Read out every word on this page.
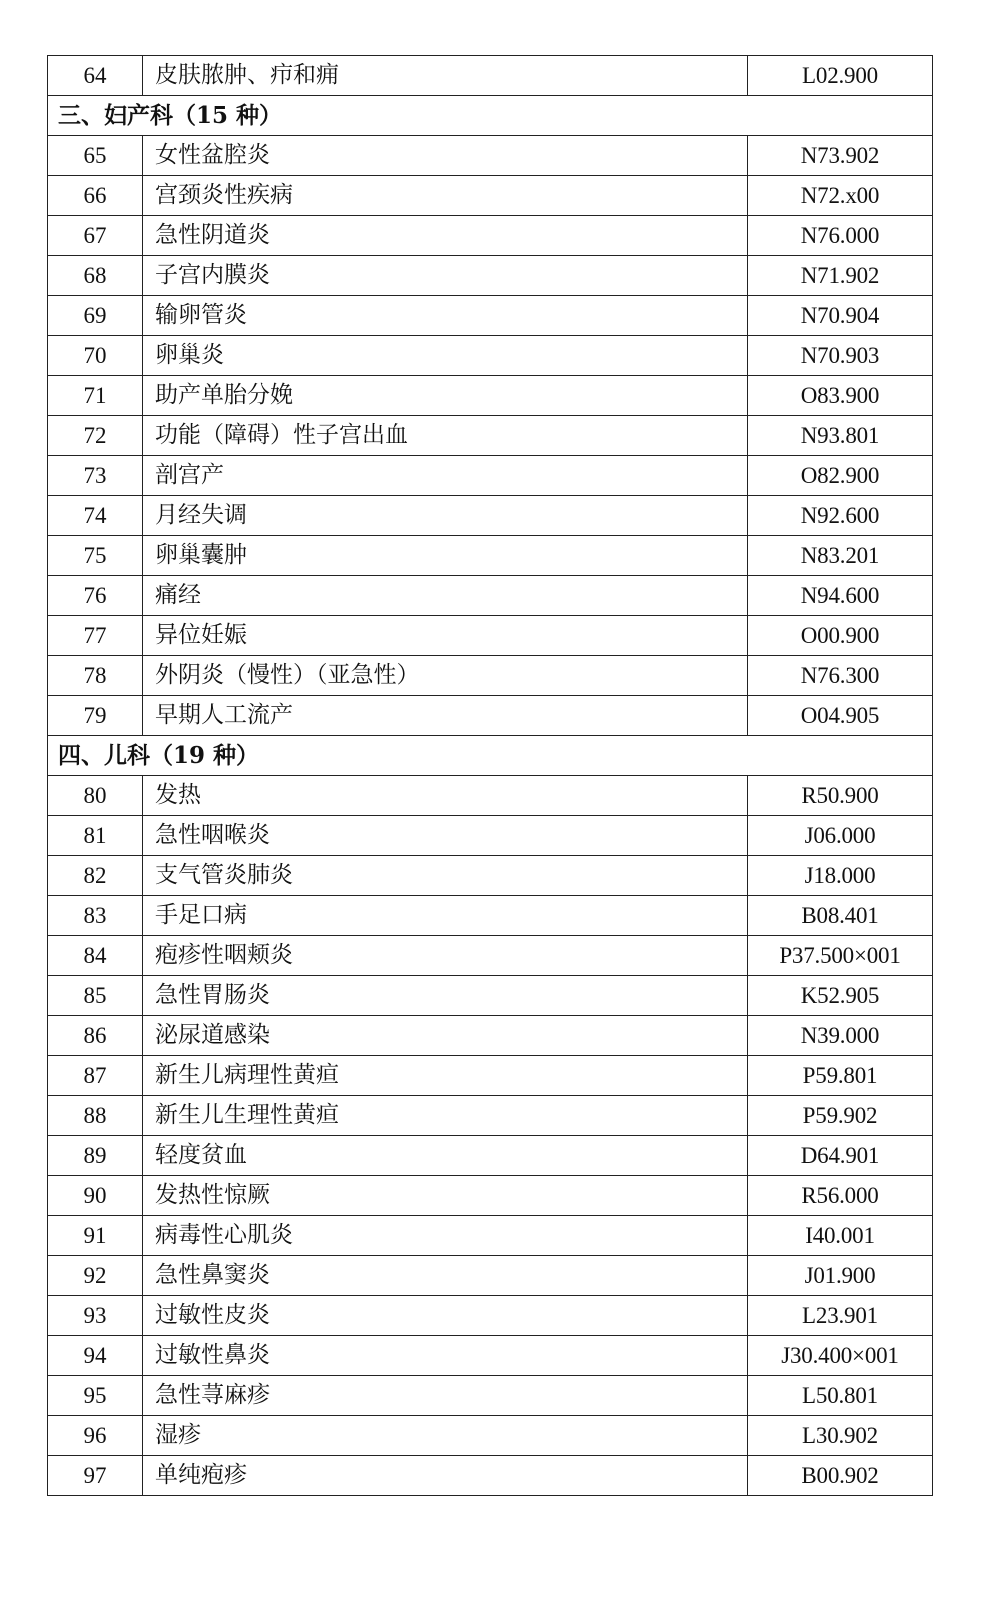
64	皮肤脓肿、疖和痈	L02.900
三、妇产科（15 种）		
65	女性盆腔炎	N73.902
66	宫颈炎性疾病	N72.x00
67	急性阴道炎	N76.000
68	子宫内膜炎	N71.902
69	输卵管炎	N70.904
70	卵巢炎	N70.903
71	助产单胎分娩	O83.900
72	功能（障碍）性子宫出血	N93.801
73	剖宫产	O82.900
74	月经失调	N92.600
75	卵巢囊肿	N83.201
76	痛经	N94.600
77	异位妊娠	O00.900
78	外阴炎（慢性）（亚急性）	N76.300
79	早期人工流产	O04.905
四、儿科（19 种）		
80	发热	R50.900
81	急性咽喉炎	J06.000
82	支气管炎肺炎	J18.000
83	手足口病	B08.401
84	疱疹性咽颊炎	P37.500×001
85	急性胃肠炎	K52.905
86	泌尿道感染	N39.000
87	新生儿病理性黄疸	P59.801
88	新生儿生理性黄疸	P59.902
89	轻度贫血	D64.901
90	发热性惊厥	R56.000
91	病毒性心肌炎	I40.001
92	急性鼻窦炎	J01.900
93	过敏性皮炎	L23.901
94	过敏性鼻炎	J30.400×001
95	急性荨麻疹	L50.801
96	湿疹	L30.902
97	单纯疱疹	B00.902
